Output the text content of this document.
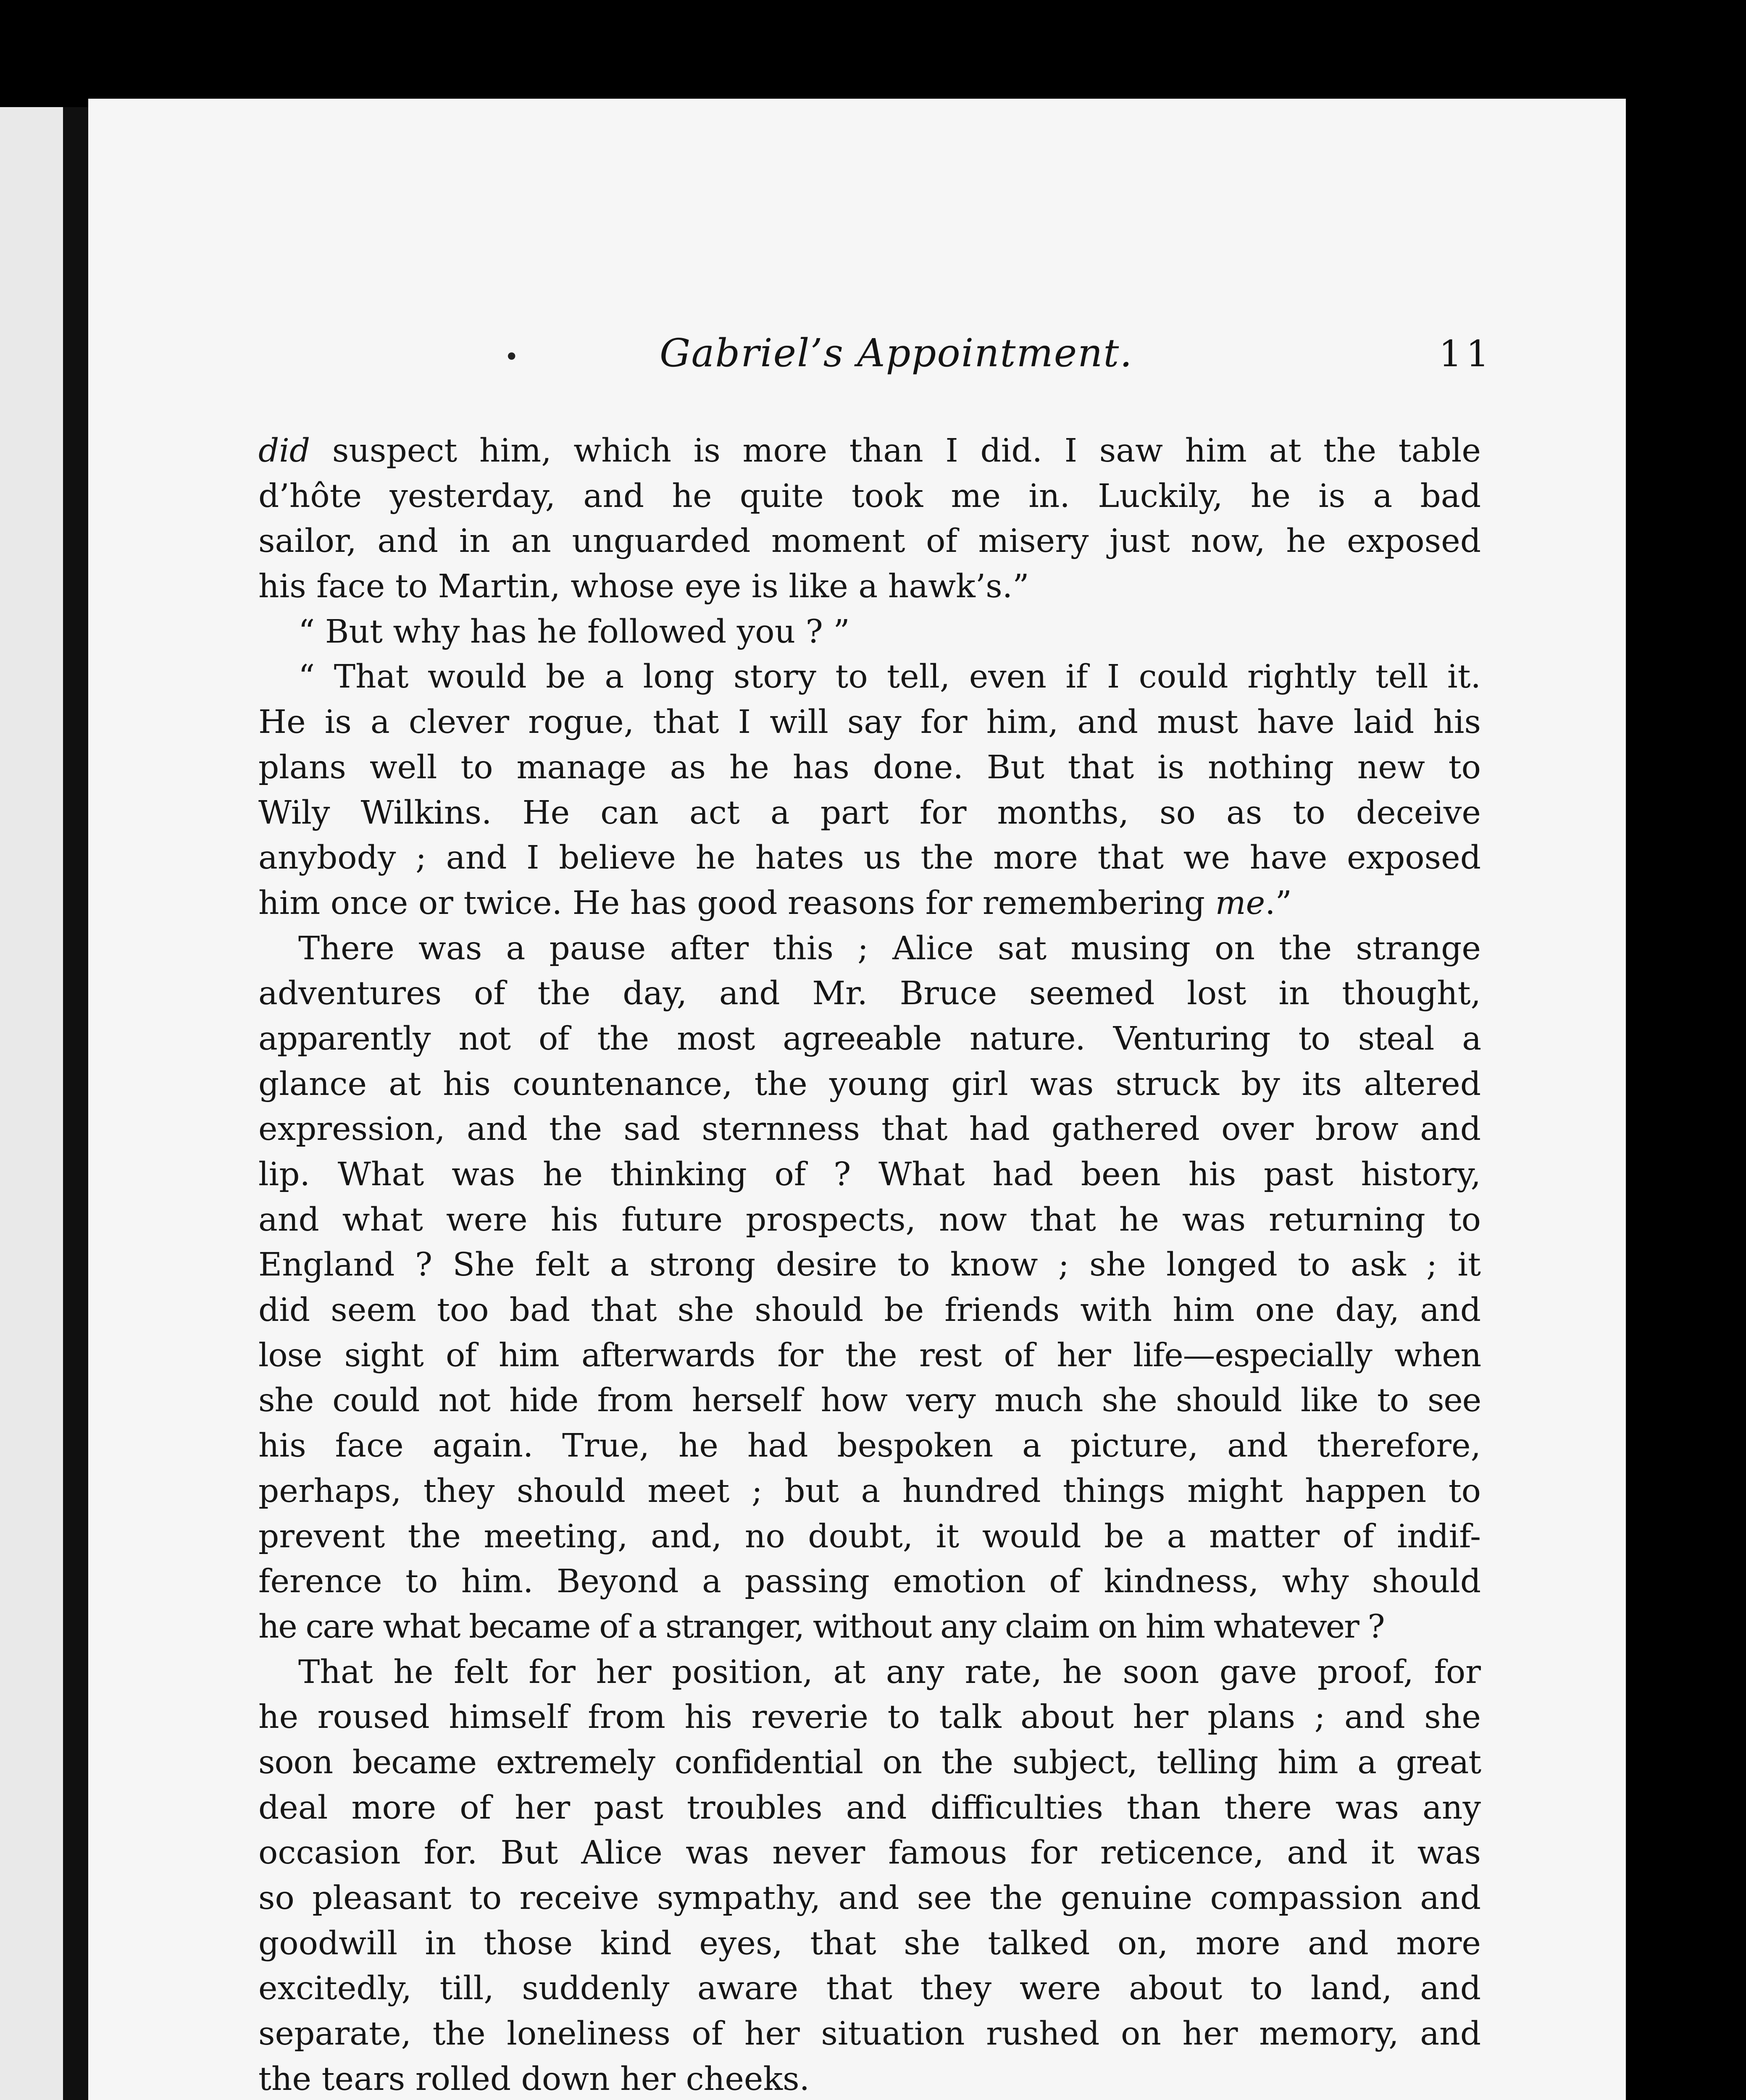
•	Gabriel’s Appointment.	11
did suspect him, which is more than I did. I saw him at the table
d’hôte yesterday, and he quite took me in. Luckily, he is a bad
sailor, and in an unguarded moment of misery just now, he exposed
his face to Martin, whose eye is like a hawk’s.”
“ But why has he followed you ? ”
“ That would be a long story to tell, even if I could rightly tell it.
He is a clever rogue, that I will say for him, and must have laid his
plans well to manage as he has done. But that is nothing new to
Wily Wilkins. He can act a part for months, so as to deceive
anybody ; and I believe he hates us the more that we have exposed
him once or twice. He has good reasons for remembering me.”
There was a pause after this ; Alice sat musing on the strange
adventures of the day, and Mr. Bruce seemed lost in thought,
apparently not of the most agreeable nature. Venturing to steal a
glance at his countenance, the young girl was struck by its altered
expression, and the sad sternness that had gathered over brow and
lip. What was he thinking of ? What had been his past history,
and what were his future prospects, now that he was returning to
England ? She felt a strong desire to know ; she longed to ask ; it
did seem too bad that she should be friends with him one day, and
lose sight of him afterwards for the rest of her life—especially when
she could not hide from herself how very much she should like to see
his face again. True, he had bespoken a picture, and therefore,
perhaps, they should meet ; but a hundred things might happen to
prevent the meeting, and, no doubt, it would be a matter of indif-
ference to him. Beyond a passing emotion of kindness, why should
he care what became of a stranger, without any claim on him whatever ?
That he felt for her position, at any rate, he soon gave proof, for
he roused himself from his reverie to talk about her plans ; and she
soon became extremely confidential on the subject, telling him a great
deal more of her past troubles and difficulties than there was any
occasion for. But Alice was never famous for reticence, and it was
so pleasant to receive sympathy, and see the genuine compassion and
goodwill in those kind eyes, that she talked on, more and more
excitedly, till, suddenly aware that they were about to land, and
separate, the loneliness of her situation rushed on her memory, and
the tears rolled down her cheeks.
